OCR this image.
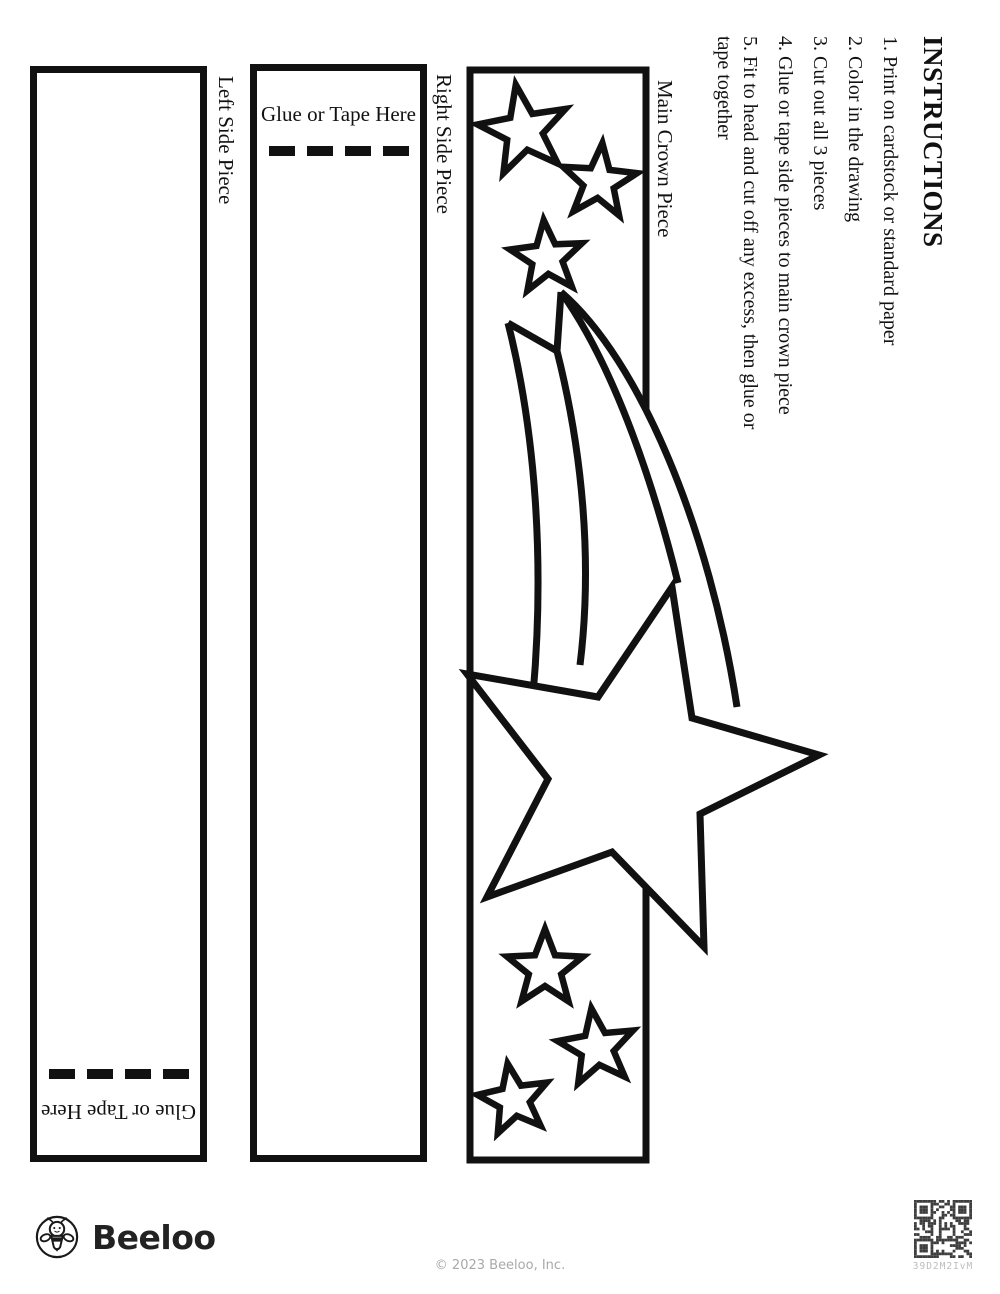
INSTRUCTIONS

1. Print on cardstock or standard paper

2. Color in the drawing

3. Cut out all 3 pieces

4. Glue or tape side pieces to main crown piece

5. Fit to head and cut off any excess, then glue or tape together

Glue or Tape Here
Left Side Piece Glue or Tape Here Right Side Piece	Main Crown Piece
Beeloo
© 2023 Beeloo, Inc.	39D2M2IvM
